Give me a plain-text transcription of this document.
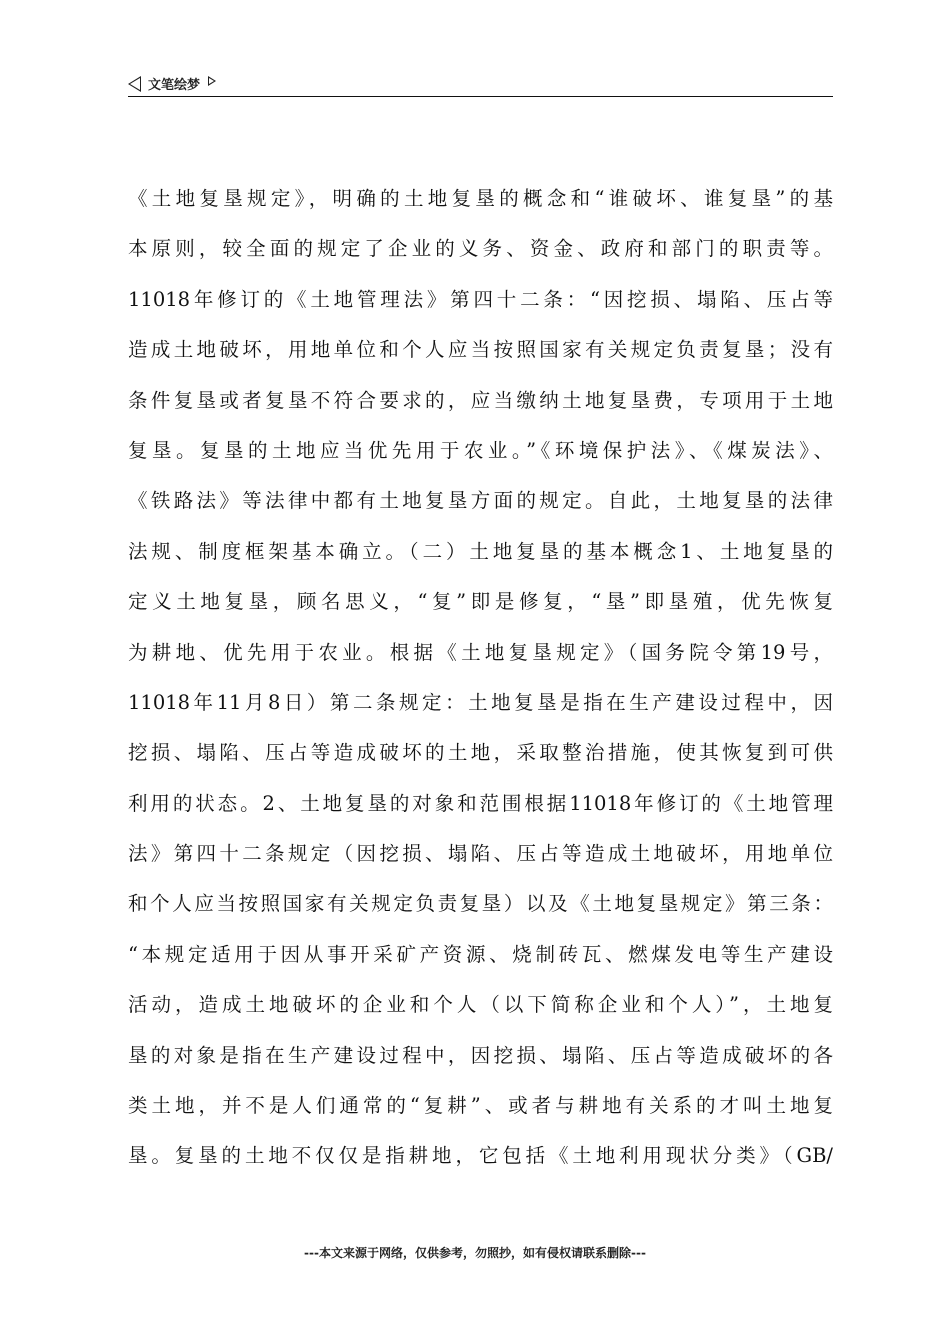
文笔绘梦
《土地复垦规定》，明确的土地复垦的概念和“谁破坏、谁复垦”的基
本原则，较全面的规定了企业的义务、资金、政府和部门的职责等。
11018年修订的《土地管理法》第四十二条：“因挖损、塌陷、压占等
造成土地破坏，用地单位和个人应当按照国家有关规定负责复垦；没有
条件复垦或者复垦不符合要求的，应当缴纳土地复垦费，专项用于土地
复垦。复垦的土地应当优先用于农业。”《环境保护法》、《煤炭法》、
《铁路法》等法律中都有土地复垦方面的规定。自此，土地复垦的法律
法规、制度框架基本确立。（二）土地复垦的基本概念1、土地复垦的
定义土地复垦，顾名思义，“复”即是修复，“垦”即垦殖，优先恢复
为耕地、优先用于农业。根据《土地复垦规定》（国务院令第19号，
11018年11月8日）第二条规定：土地复垦是指在生产建设过程中，因
挖损、塌陷、压占等造成破坏的土地，采取整治措施，使其恢复到可供
利用的状态。2、土地复垦的对象和范围根据11018年修订的《土地管理
法》第四十二条规定（因挖损、塌陷、压占等造成土地破坏，用地单位
和个人应当按照国家有关规定负责复垦）以及《土地复垦规定》第三条：
“本规定适用于因从事开采矿产资源、烧制砖瓦、燃煤发电等生产建设
活动，造成土地破坏的企业和个人（以下简称企业和个人）”，土地复
垦的对象是指在生产建设过程中，因挖损、塌陷、压占等造成破坏的各
类土地，并不是人们通常的“复耕”、或者与耕地有关系的才叫土地复
垦。复垦的土地不仅仅是指耕地，它包括《土地利用现状分类》（GB/
---本文来源于网络，仅供参考，勿照抄，如有侵权请联系删除---
